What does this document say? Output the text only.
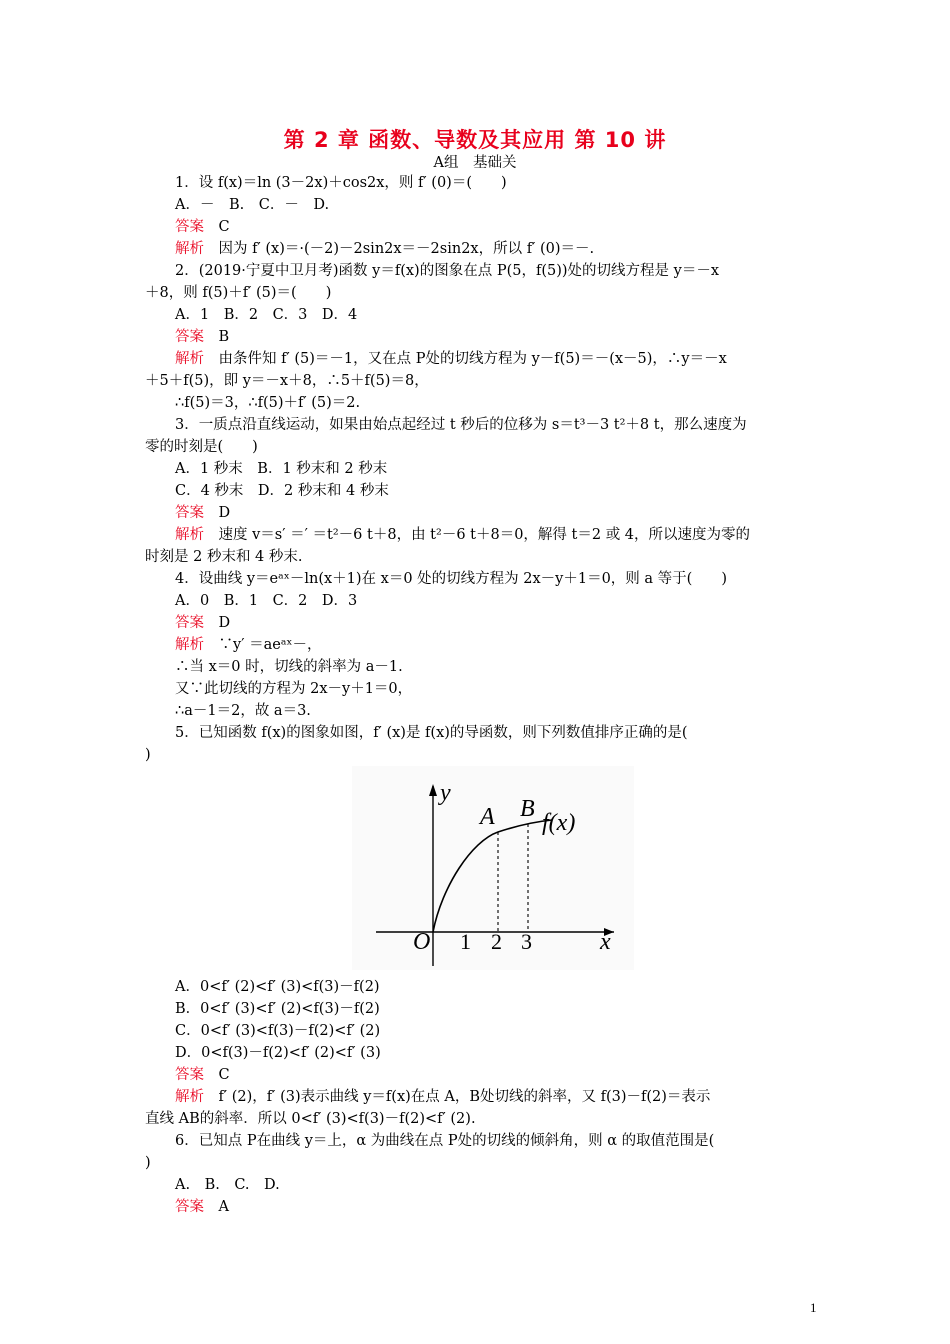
第 2 章 函数、导数及其应用 第 10 讲
A组　基础关
1．设 f(x)＝ln (3－2x)＋cos2x，则 f′ (0)＝(　　)
A．－　B.　C．－　D.
答案　 C
解析　 因为 f′ (x)＝·(－2)－2sin2x＝－2sin2x，所以 f′ (0)＝－.
2．(2019·宁夏中卫月考)函数 y＝f(x)的图象在点 P(5，f(5))处的切线方程是 y＝－x
＋8，则 f(5)＋f′ (5)＝(　　)
A．1　B．2　C．3　D．4
答案　 B
解析　 由条件知 f′ (5)＝－1，又在点 P处的切线方程为 y－f(5)＝－(x－5)，∴y＝－x
＋5＋f(5)，即 y＝－x＋8，∴5＋f(5)＝8，
∴f(5)＝3，∴f(5)＋f′ (5)＝2.
3．一质点沿直线运动，如果由始点起经过 t 秒后的位移为 s＝t³－3 t²＋8 t，那么速度为
零的时刻是(　　)
A．1 秒末　B．1 秒末和 2 秒末
C．4 秒末　D．2 秒末和 4 秒末
答案　 D
解析　 速度 v＝s′ ＝′ ＝t²－6 t＋8，由 t²－6 t＋8＝0，解得 t＝2 或 4，所以速度为零的
时刻是 2 秒末和 4 秒末.
4．设曲线 y＝eᵃˣ－ln(x＋1)在 x＝0 处的切线方程为 2x－y＋1＝0，则 a 等于(　　)
A．0　B．1　C．2　D．3
答案　 D
解析　 ∵y′ ＝aeᵃˣ－，
∴当 x＝0 时，切线的斜率为 a－1.
又∵此切线的方程为 2x－y＋1＝0，
∴a－1＝2，故 a＝3.
5．已知函数 f(x)的图象如图，f′ (x)是 f(x)的导函数，则下列数值排序正确的是(
)
y
x
O 1 2 3
A B
f(x)
A．0<f′ (2)<f′ (3)<f(3)－f(2)
B．0<f′ (3)<f′ (2)<f(3)－f(2)
C．0<f′ (3)<f(3)－f(2)<f′ (2)
D．0<f(3)－f(2)<f′ (2)<f′ (3)
答案　 C
解析　 f′ (2)，f′ (3)表示曲线 y＝f(x)在点 A，B处切线的斜率，又 f(3)－f(2)＝表示
直线 AB的斜率．所以 0<f′ (3)<f(3)－f(2)<f′ (2).
6．已知点 P在曲线 y＝上，α 为曲线在点 P处的切线的倾斜角，则 α 的取值范围是(
)
A.　B.　C.　D.
答案　 A
1
